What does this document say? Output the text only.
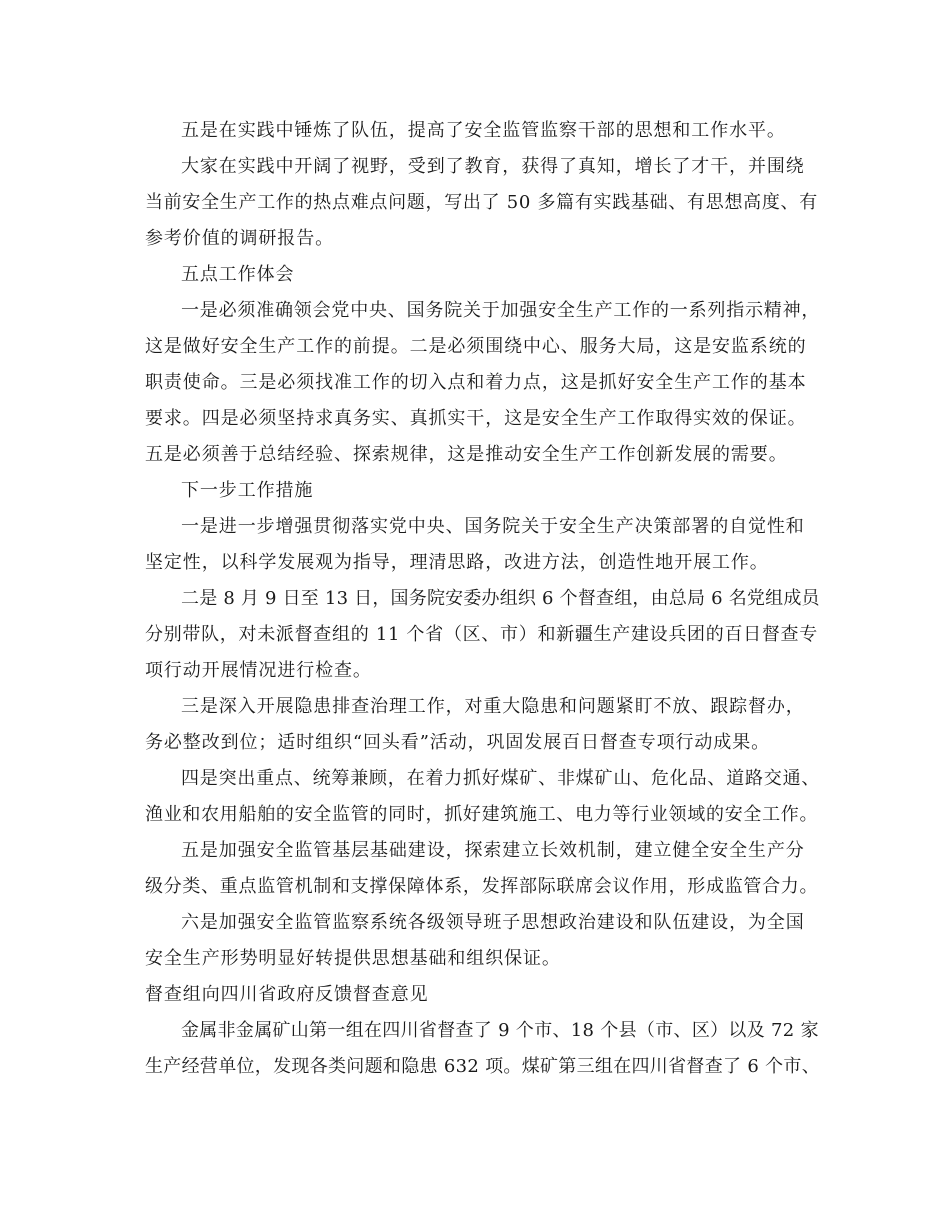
五是在实践中锤炼了队伍，提高了安全监管监察干部的思想和工作水平。
大家在实践中开阔了视野，受到了教育，获得了真知，增长了才干，并围绕
当前安全生产工作的热点难点问题，写出了 50 多篇有实践基础、有思想高度、有
参考价值的调研报告。
五点工作体会
一是必须准确领会党中央、国务院关于加强安全生产工作的一系列指示精神，
这是做好安全生产工作的前提。二是必须围绕中心、服务大局，这是安监系统的
职责使命。三是必须找准工作的切入点和着力点，这是抓好安全生产工作的基本
要求。四是必须坚持求真务实、真抓实干，这是安全生产工作取得实效的保证。
五是必须善于总结经验、探索规律，这是推动安全生产工作创新发展的需要。
下一步工作措施
一是进一步增强贯彻落实党中央、国务院关于安全生产决策部署的自觉性和
坚定性，以科学发展观为指导，理清思路，改进方法，创造性地开展工作。
二是 8 月 9 日至 13 日，国务院安委办组织 6 个督查组，由总局 6 名党组成员
分别带队，对未派督查组的 11 个省（区、市）和新疆生产建设兵团的百日督查专
项行动开展情况进行检查。
三是深入开展隐患排查治理工作，对重大隐患和问题紧盯不放、跟踪督办，
务必整改到位；适时组织“回头看”活动，巩固发展百日督查专项行动成果。
四是突出重点、统筹兼顾，在着力抓好煤矿、非煤矿山、危化品、道路交通、
渔业和农用船舶的安全监管的同时，抓好建筑施工、电力等行业领域的安全工作。
五是加强安全监管基层基础建设，探索建立长效机制，建立健全安全生产分
级分类、重点监管机制和支撑保障体系，发挥部际联席会议作用，形成监管合力。
六是加强安全监管监察系统各级领导班子思想政治建设和队伍建设，为全国
安全生产形势明显好转提供思想基础和组织保证。
督查组向四川省政府反馈督查意见
金属非金属矿山第一组在四川省督查了 9 个市、18 个县（市、区）以及 72 家
生产经营单位，发现各类问题和隐患 632 项。煤矿第三组在四川省督查了 6 个市、
